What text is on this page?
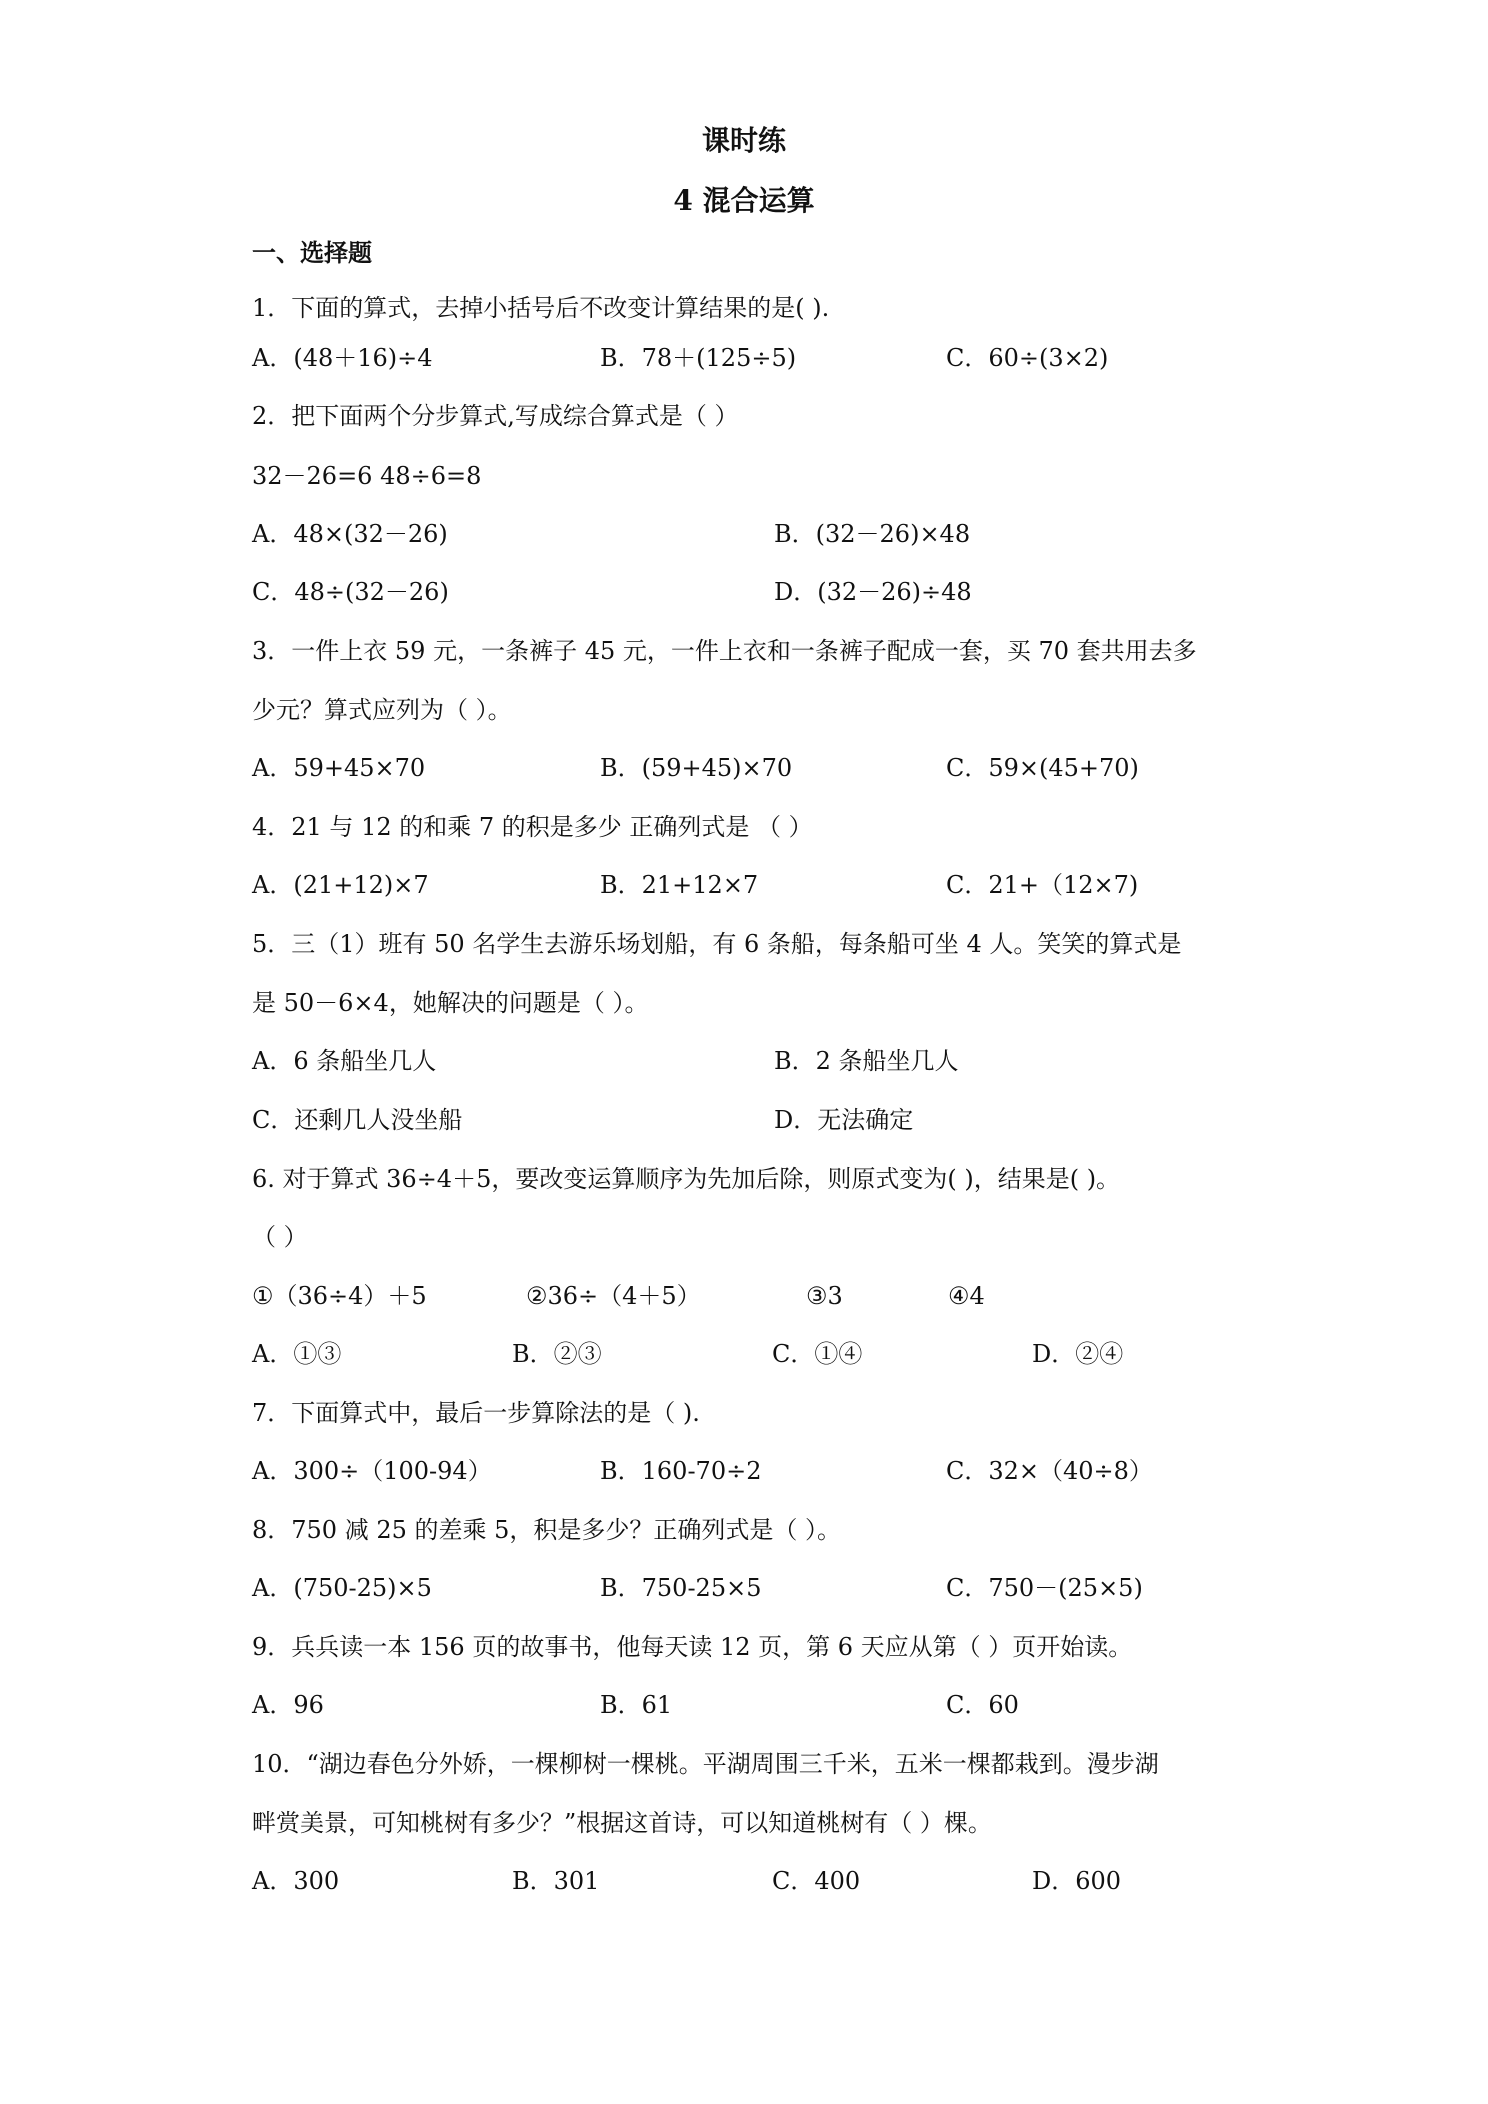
课时练
4 混合运算
一、选择题
1．下面的算式，去掉小括号后不改变计算结果的是( ).
A．(48＋16)÷4	B．78＋(125÷5)	C．60÷(3×2)
2．把下面两个分步算式,写成综合算式是（ ）
32－26=6 48÷6=8
A．48×(32－26)	B．(32－26)×48
C．48÷(32－26)	D．(32－26)÷48
3．一件上衣 59 元，一条裤子 45 元，一件上衣和一条裤子配成一套，买 70 套共用去多
少元？算式应列为（ ）。
A．59+45×70	B．(59+45)×70	C．59×(45+70)
4．21 与 12 的和乘 7 的积是多少 正确列式是 （ ）
A．(21+12)×7	B．21+12×7	C．21+（12×7)
5．三（1）班有 50 名学生去游乐场划船，有 6 条船，每条船可坐 4 人。笑笑的算式是
是 50－6×4，她解决的问题是（ ）。
A．6 条船坐几人	B．2 条船坐几人
C．还剩几人没坐船	D．无法确定
6. 对于算式 36÷4＋5，要改变运算顺序为先加后除，则原式变为( )，结果是( )。
（ ）
①（36÷4）＋5	②36÷（4＋5）	③3	④4
A．①③	B．②③	C．①④	D．②④
7．下面算式中，最后一步算除法的是（ ).
A．300÷（100-94）	B．160-70÷2	C．32×（40÷8）
8．750 减 25 的差乘 5，积是多少？正确列式是（ ）。
A．(750-25)×5	B．750-25×5	C．750－(25×5)
9．兵兵读一本 156 页的故事书，他每天读 12 页，第 6 天应从第（ ）页开始读。
A．96	B．61	C．60
10．“湖边春色分外娇，一棵柳树一棵桃。平湖周围三千米，五米一棵都栽到。漫步湖
畔赏美景，可知桃树有多少？”根据这首诗，可以知道桃树有（ ）棵。
A．300	B．301	C．400	D．600
